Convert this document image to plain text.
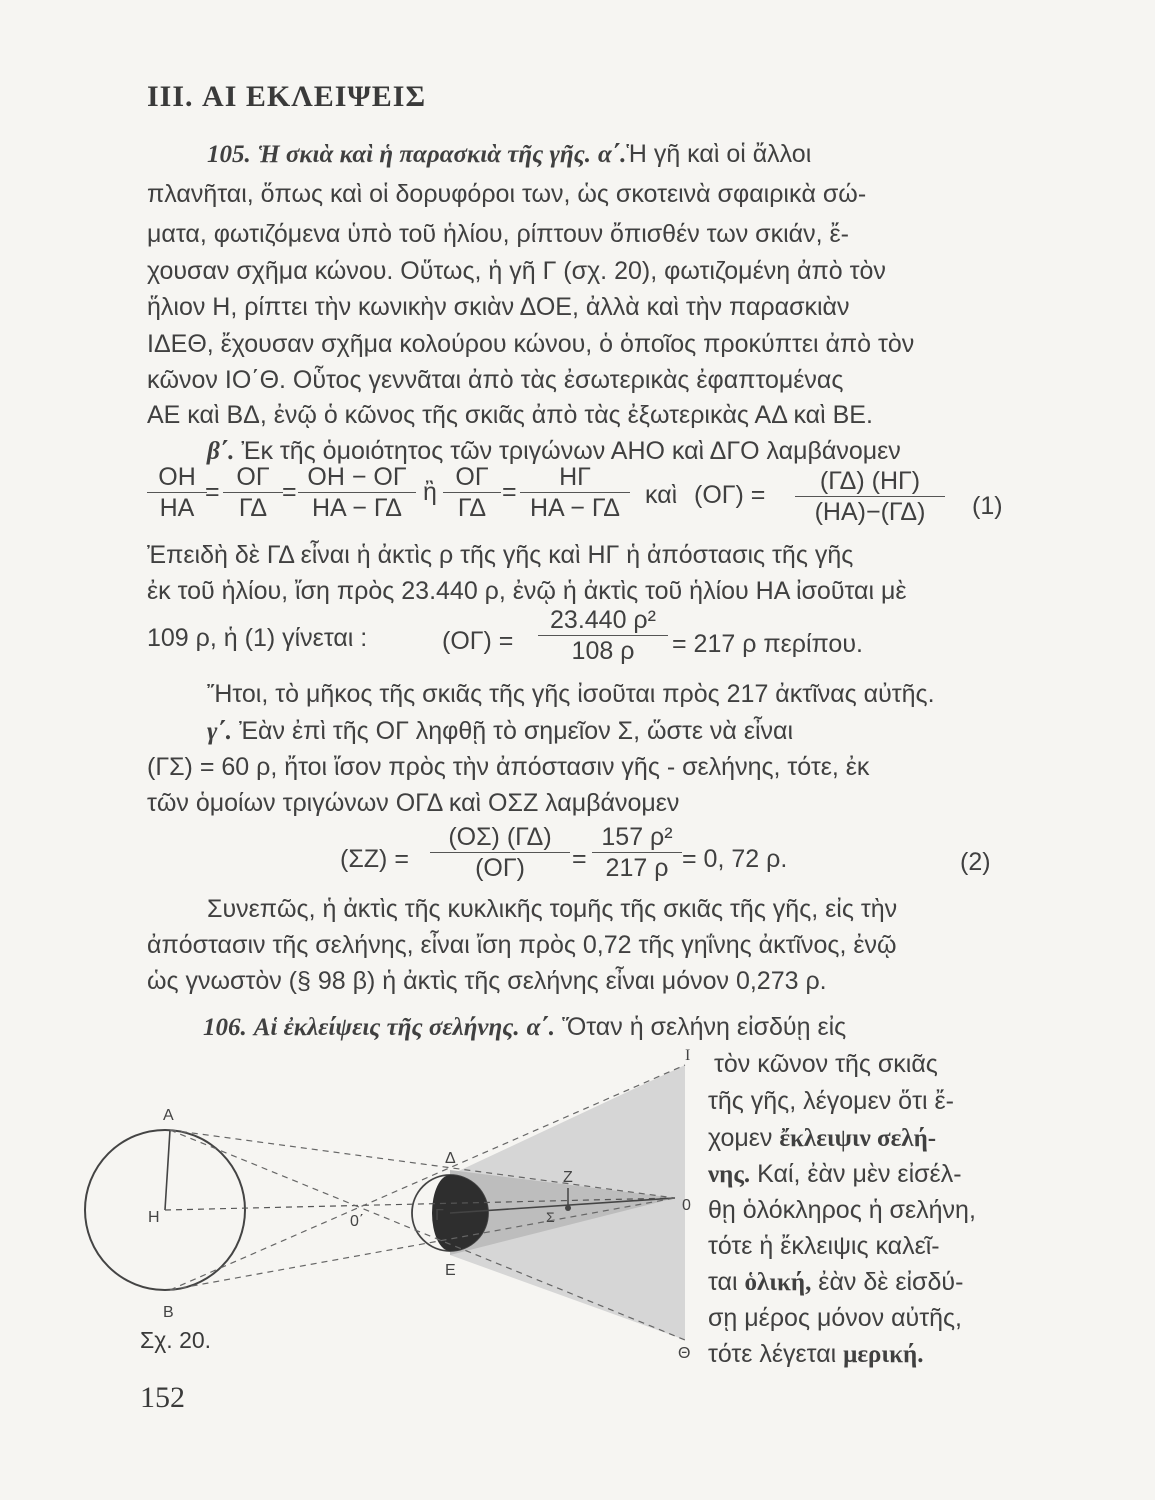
III. ΑΙ ΕΚΛΕΙΨΕΙΣ
105. Ἡ σκιὰ καὶ ἡ παρασκιὰ τῆς γῆς. α΄.Ἡ γῆ καὶ οἱ ἄλλοι
πλανῆται, ὅπως καὶ οἱ δορυφόροι των, ὡς σκοτεινὰ σφαιρικὰ σώ-
ματα, φωτιζόμενα ὑπὸ τοῦ ἡλίου, ρίπτουν ὄπισθέν των σκιάν, ἔ-
χουσαν σχῆμα κώνου. Οὕτως, ἡ γῆ Γ (σχ. 20), φωτιζομένη ἀπὸ τὸν
ἥλιον Η, ρίπτει τὴν κωνικὴν σκιὰν ΔΟΕ, ἀλλὰ καὶ τὴν παρασκιὰν
ΙΔΕΘ, ἔχουσαν σχῆμα κολούρου κώνου, ὁ ὁποῖος προκύπτει ἀπὸ τὸν
κῶνον ΙΟ΄Θ. Οὗτος γεννᾶται ἀπὸ τὰς ἐσωτερικὰς ἐφαπτομένας
ΑΕ καὶ ΒΔ, ἐνῷ ὁ κῶνος τῆς σκιᾶς ἀπὸ τὰς ἐξωτερικὰς ΑΔ καὶ ΒΕ.
β΄. Ἐκ τῆς ὁμοιότητος τῶν τριγώνων ΑΗΟ καὶ ΔΓΟ λαμβάνομεν
$\frac{OH}{HA}$
= $\frac{O\Gamma}{\Gamma\Delta} = \frac{OH - O\Gamma}{HA - \Gamma\Delta}$ ἢ $\frac{O\Gamma}{\Gamma\Delta} = \frac{H\Gamma}{HA - \Gamma\Delta}$ καὶ $(O\Gamma) = \frac{(\Gamma\Delta) (H\Gamma)}{(HA)-(\Gamma\Delta)} (1)$
Ἐπειδὴ δὲ ΓΔ εἶναι ἡ ἀκτὶς ρ τῆς γῆς καὶ ΗΓ ἡ ἀπόστασις τῆς γῆς
ἐκ τοῦ ἡλίου, ἴση πρὸς 23.440 ρ, ἐνῷ ἡ ἀκτὶς τοῦ ἡλίου ΗΑ ἰσοῦται μὲ
109 ρ, ἡ (1) γίνεται :	$(O\Gamma) = \frac{\text{23.440 ρ²}}{108 \rho} = 217$ ρ περίπου.
Ἤτοι, τὸ μῆκος τῆς σκιᾶς τῆς γῆς ἰσοῦται πρὸς 217 ἀκτῖνας αὐτῆς.
γ΄. Ἐὰν ἐπὶ τῆς ΟΓ ληφθῇ τὸ σημεῖον Σ, ὥστε νὰ εἶναι
(ΓΣ) = 60 ρ, ἤτοι ἴσον πρὸς τὴν ἀπόστασιν γῆς - σελήνης, τότε, ἐκ
τῶν ὁμοίων τριγώνων ΟΓΔ καὶ ΟΣΖ λαμβάνομεν
$(\Sigma Z) = \frac{(O\Sigma) (\Gamma\Delta)}{(O\Gamma)} = \frac{\text{157 ρ²}}{217 \rho} = 0$, 72 ρ.	(2)
Συνεπῶς, ἡ ἀκτὶς τῆς κυκλικῆς τομῆς τῆς σκιᾶς τῆς γῆς, εἰς τὴν
ἀπόστασιν τῆς σελήνης, εἶναι ἴση πρὸς 0,72 τῆς γηΐνης ἀκτῖνος, ἐνῷ
ὡς γνωστὸν (§ 98 β) ἡ ἀκτὶς τῆς σελήνης εἶναι μόνον 0,273 ρ.
106. Αἱ ἐκλείψεις τῆς σελήνης. α΄. Ὅταν ἡ σελήνη εἰσδύῃ εἰς
τὸν κῶνον τῆς σκιᾶς
τῆς γῆς, λέγομεν ὅτι ἔ-
χομεν ἔκλειψιν σελή-
νης. Καί, ἐὰν μὲν εἰσέλ-
θῃ ὁλόκληρος ἡ σελήνη,
τότε ἡ ἔκλειψις καλεῖ-
ται ὁλική, ἐὰν δὲ εἰσδύ-
σῃ μέρος μόνον αὐτῆς,
τότε λέγεται μερική.
Α
Η
Β
0΄
Δ
Γ
Ε
Ζ
Σ
0
Ι
Θ
Σχ. 20.
152
